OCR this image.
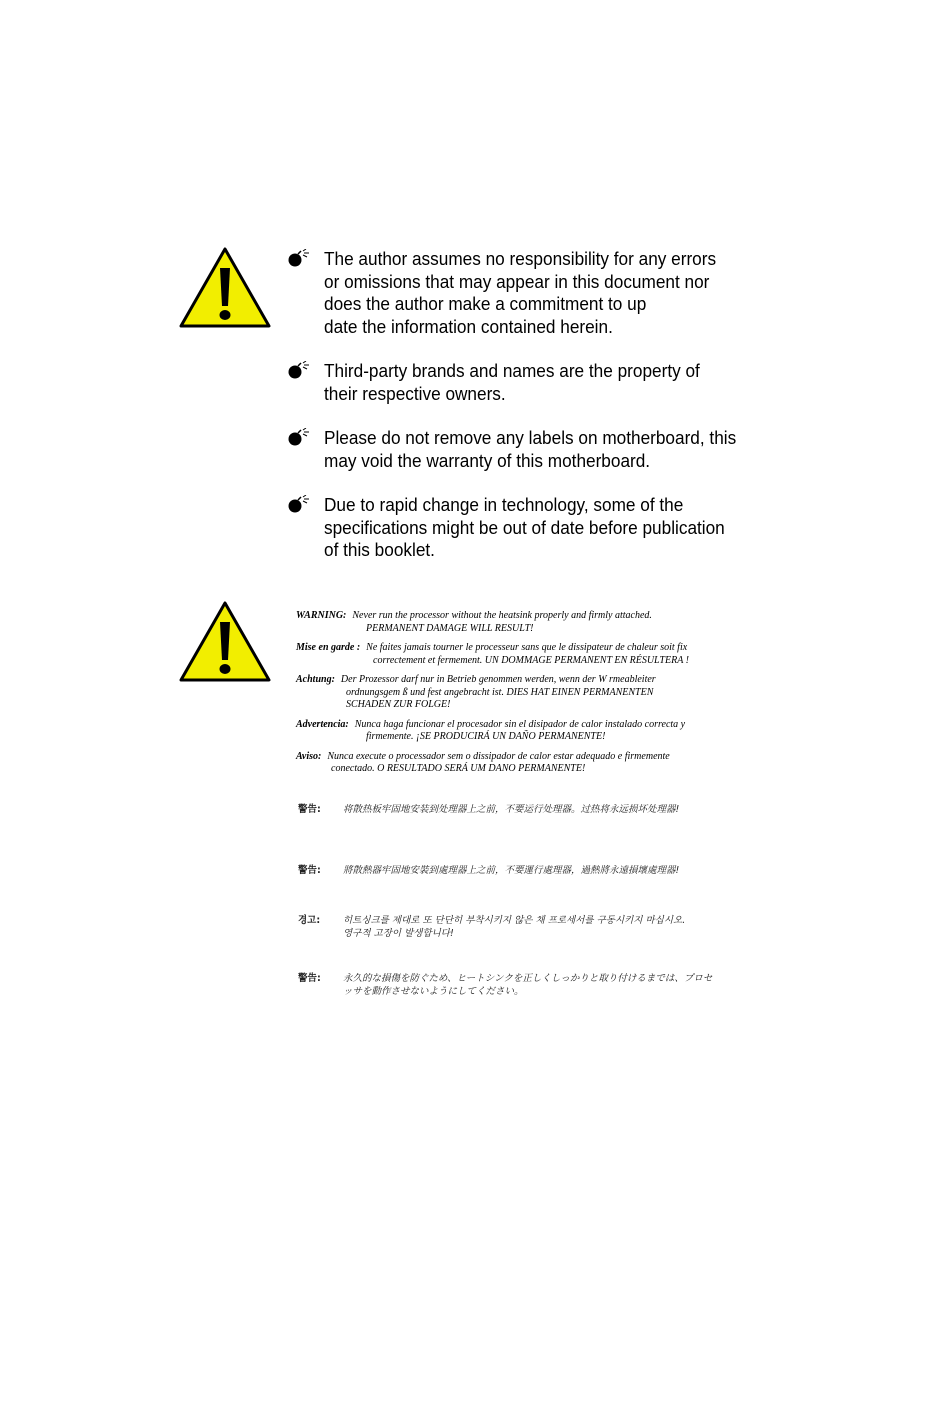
The author assumes no responsibility for any errors
or omissions that may appear in this document nor
does the author make a commitment to up
date the information contained herein.
Third-party brands and names are the property of
their respective owners.
Please do not remove any labels on motherboard, this
may void the warranty of this motherboard.
Due to rapid change in technology, some of the
specifications might be out of date before publication
of this booklet.
WARNING: Never run the processor without the heatsink properly and firmly attached.
PERMANENT DAMAGE WILL RESULT!
Mise en garde : Ne faites jamais tourner le processeur sans que le dissipateur de chaleur soit fix
correctement et fermement. UN DOMMAGE PERMANENT EN RÉSULTERA !
Achtung: Der Prozessor darf nur in Betrieb genommen werden, wenn der W rmeableiter
ordnungsgem ß und fest angebracht ist. DIES HAT EINEN PERMANENTEN
SCHADEN ZUR FOLGE!
Advertencia: Nunca haga funcionar el procesador sin el disipador de calor instalado correcta y
firmemente. ¡SE PRODUCIRÁ UN DAÑO PERMANENTE!
Aviso: Nunca execute o processador sem o dissipador de calor estar adequado e firmemente
conectado. O RESULTADO SERÁ UM DANO PERMANENTE!
警告:	将散热板牢固地安装到处理器上之前，不要运行处理器。过热将永远损坏处理器!
警告:	將散熱器牢固地安裝到處理器上之前，不要運行處理器，過熱將永遠損壞處理器!
경고:	히트싱크를 제대로 또 단단히 부착시키지 않은 채 프로세서를 구동시키지 마십시오.
영구적 고장이 발생합니다!
警告:	永久的な損傷を防ぐため、ヒートシンクを正しくしっかりと取り付けるまでは、プロセ
ッサを動作させないようにしてください。
